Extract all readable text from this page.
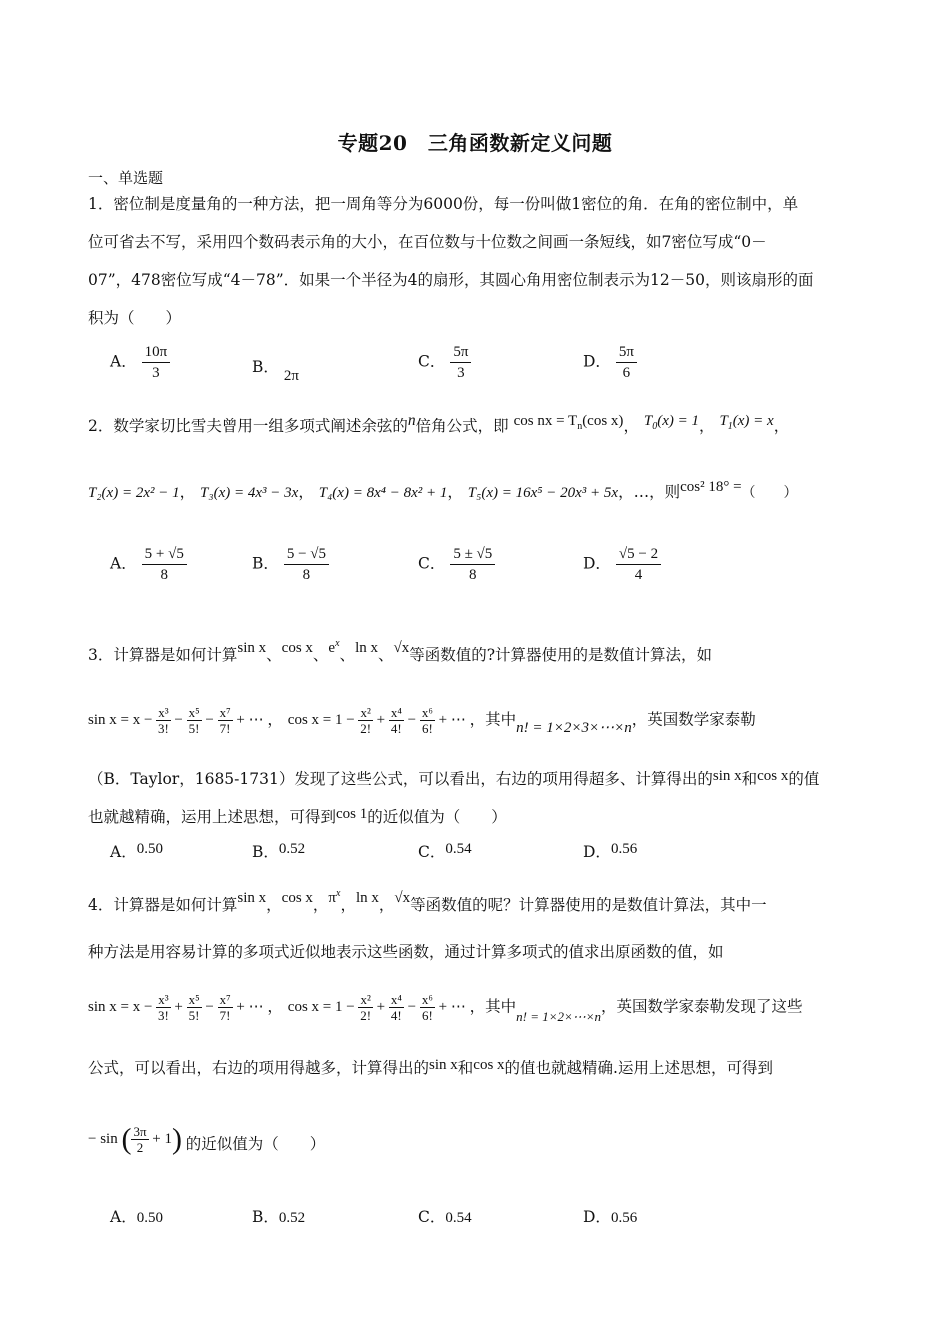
专题20　三角函数新定义问题
一、单选题
1．密位制是度量角的一种方法，把一周角等分为6000份，每一份叫做1密位的角．在角的密位制中，单
位可省去不写，采用四个数码表示角的大小，在百位数与十位数之间画一条短线，如7密位写成“0－
07”，478密位写成“4－78”．如果一个半径为4的扇形，其圆心角用密位制表示为12－50，则该扇形的面
积为（　　）
A． $\frac{10\pi}{3}$	B． 2π
C． $\frac{5\pi}{3}$	D． $\frac{5\pi}{6}$
2．数学家切比雪夫曾用一组多项式阐述余弦的n倍角公式，即 cos nx = $T_n(\cos$ x)， $T_0(x) = 1$， $T_1(x) = x$，
T₂(x) = 2x² − 1， T₃(x) = 4x³ − 3x， T₄(x) = 8x⁴ − 8x² + 1， T₅(x) = 16x⁵ − 20x³ + 5x，…，则cos² 18° =（　　）
A． $\frac{5 + √5}{8}$	B． $\frac{5 - √5}{8}$	C． $\frac{5 \pm √5}{8}$	D． $\frac{√5 - 2}{4}$
3．计算器是如何计算sin x、cos x、$e^x$、ln x、√x等函数值的?计算器使用的是数值计算法，如
$\sin x = x - \frac{\text{x³}}{3!} - \frac{\text{x⁵}}{5!} - \frac{\text{x⁷}}{7!}$ + ⋯ ， $\cos x = 1 - \frac{\text{x²}}{2!} + \frac{\text{x⁴}}{4!} - \frac{\text{x⁶}}{6!}$ + ⋯ ，其中n! = 1×2×3×⋯×n，英国数学家泰勒
（B．Taylor，1685-1731）发现了这些公式，可以看出，右边的项用得超多、计算得出的sin x和cos x的值
也就越精确，运用上述思想，可得到cos 1的近似值为（　　）
A．0.50	B．0.52	C．0.54	D．0.56
4．计算器是如何计算sin x，cos x，$\pi^x$，ln x，√x等函数值的呢？计算器使用的是数值计算法，其中一
种方法是用容易计算的多项式近似地表示这些函数，通过计算多项式的值求出原函数的值，如
$\sin x = x - \frac{\text{x³}}{3!} + \frac{\text{x⁵}}{5!} - \frac{\text{x⁷}}{7!}$ + ⋯ ， $\cos x = 1 - \frac{\text{x²}}{2!} + \frac{\text{x⁴}}{4!} - \frac{\text{x⁶}}{6!}$ + ⋯ ，其中$_{n! = 1\times 2\times\cdots\times n}$，英国数学家泰勒发现了这些
公式，可以看出，右边的项用得越多，计算得出的sin x和cos x的值也就越精确.运用上述思想，可得到
− sin ( $\frac{3\pi}{2} + 1$) 的近似值为（　　）
A．0.50	B．0.52	C．0.54	D．0.56
